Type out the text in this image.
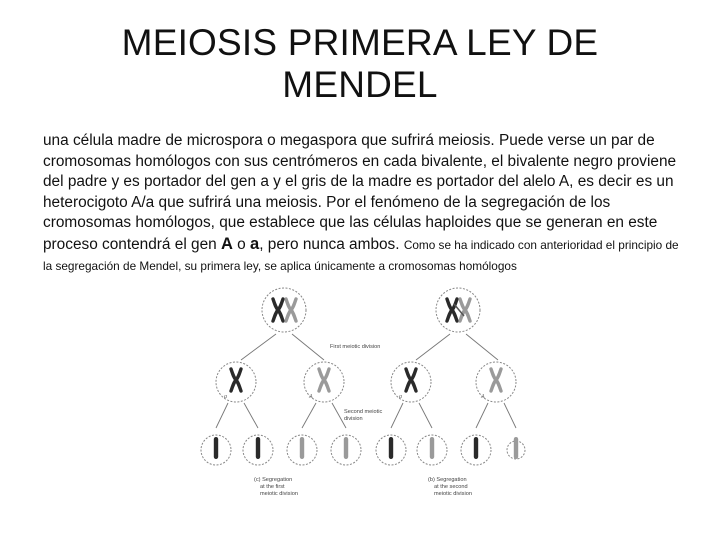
MEIOSIS PRIMERA LEY DE MENDEL

una célula madre de microspora o megaspora que sufrirá meiosis. Puede verse un par de cromosomas homólogos con sus centrómeros en cada bivalente, el bivalente negro proviene del padre y es portador del gen a y el gris de la madre es portador del alelo A, es decir es un heterocigoto A/a que sufrirá una meiosis. Por el fenómeno de la segregación de los cromosomas homólogos, que establece que las células haploides que se generan en este proceso contendrá el gen A o a, pero nunca ambos. Como se ha indicado con anterioridad el principio de la segregación de Mendel, su primera ley, se aplica únicamente a cromosomas homólogos

First meiotic division
a	A	a	A
Second meiotic
division
(c) Segregation
at the first
meiotic division
(b) Segregation
at the second
meiotic division
